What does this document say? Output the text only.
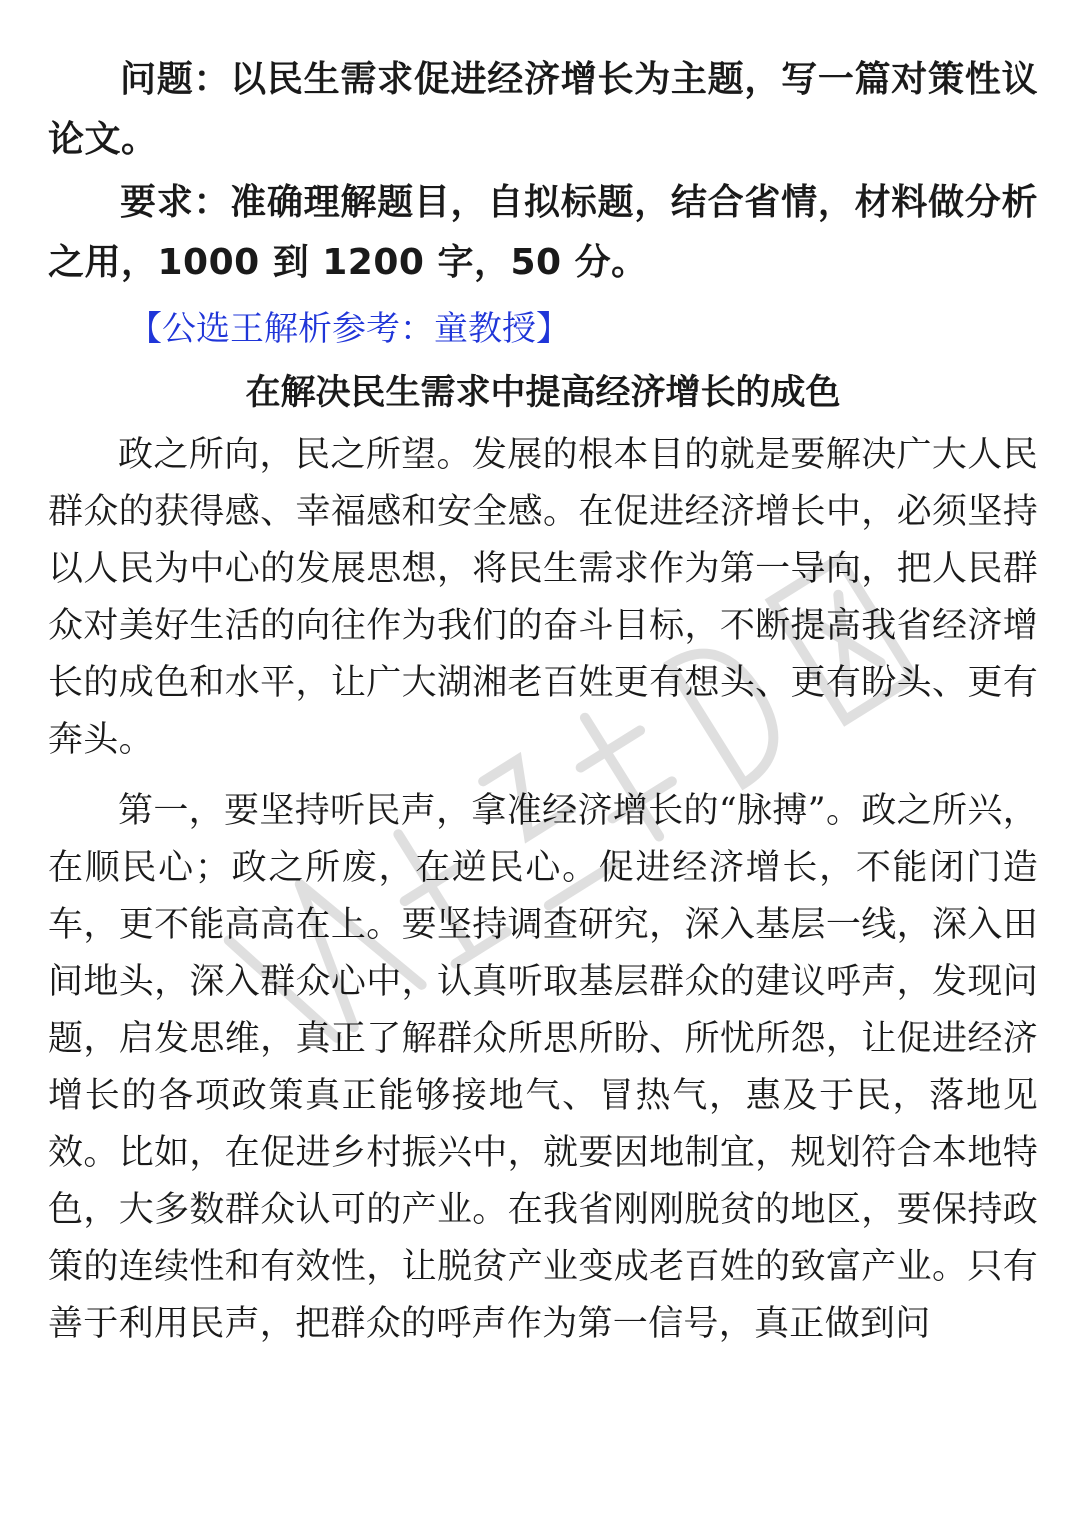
问题：以民生需求促进经济增长为主题，写一篇对策性议论文。

要求：准确理解题目，自拟标题，结合省情，材料做分析之用，1000 到 1200 字，50 分。

【公选王解析参考：童教授】
在解决民生需求中提高经济增长的成色

政之所向，民之所望。发展的根本目的就是要解决广大人民群众的获得感、幸福感和安全感。在促进经济增长中，必须坚持以人民为中心的发展思想，将民生需求作为第一导向，把人民群众对美好生活的向往作为我们的奋斗目标，不断提高我省经济增长的成色和水平，让广大湖湘老百姓更有想头、更有盼头、更有奔头。

第一，要坚持听民声，拿准经济增长的“脉搏”。政之所兴，在顺民心；政之所废，在逆民心。促进经济增长，不能闭门造车，更不能高高在上。要坚持调查研究，深入基层一线，深入田间地头，深入群众心中，认真听取基层群众的建议呼声，发现问题，启发思维，真正了解群众所思所盼、所忧所怨，让促进经济增长的各项政策真正能够接地气、冒热气，惠及于民，落地见效。比如，在促进乡村振兴中，就要因地制宜，规划符合本地特色，大多数群众认可的产业。在我省刚刚脱贫的地区，要保持政策的连续性和有效性，让脱贫产业变成老百姓的致富产业。只有善于利用民声，把群众的呼声作为第一信号，真正做到问
